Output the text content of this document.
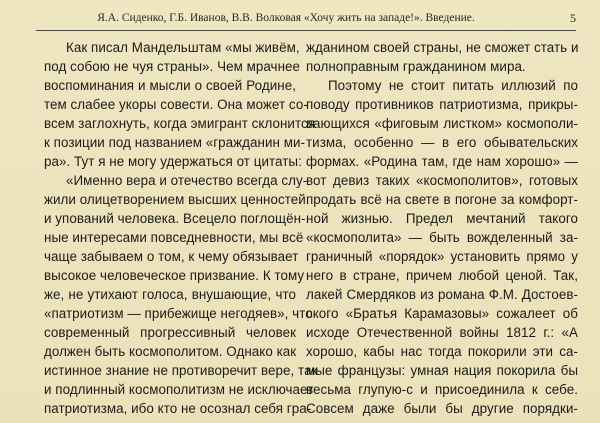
Я.А. Сиденко, Г.Б. Иванов, В.В. Волковая «Хочу жить на западе!». Введение.	5
Как писал Мандельштам «мы живём,
под собою не чуя страны». Чем мрачнее
воспоминания и мысли о своей Родине,
тем слабее укоры совести. Она может со-
всем заглохнуть, когда эмигрант склонится
к позиции под названием «гражданин ми-
ра». Тут я не могу удержаться от цитаты:
«Именно вера и отечество всегда слу-
жили олицетворением высших ценностей
и упований человека. Всецело поглощён-
ные интересами повседневности, мы всё
чаще забываем о том, к чему обязывает
высокое человеческое призвание. К тому
же, не утихают голоса, внушающие, что
«патриотизм — прибежище негодяев», что
современный прогрессивный человек
должен быть космополитом. Однако как
истинное знание не противоречит вере, так
и подлинный космополитизм не исключает
патриотизма, ибо кто не осознал себя гра-
жданином своей страны, не сможет стать и
полноправным гражданином мира.
Поэтому не стоит питать иллюзий по
поводу противников патриотизма, прикры-
вающихся «фиговым листком» космополи-
тизма, особенно — в его обывательских
формах. «Родина там, где нам хорошо» —
вот девиз таких «космополитов», готовых
продать всё на свете в погоне за комфорт-
ной жизнью. Предел мечтаний такого
«космополита» — быть вожделенный за-
граничный «порядок» установить прямо у
него в стране, причем любой ценой. Так,
лакей Смердяков из романа Ф.М. Достоев-
ского «Братья Карамазовы» сожалеет об
исходе Отечественной войны 1812 г.: «А
хорошо, кабы нас тогда покорили эти са-
мые французы: умная нация покорила бы
весьма глупую-с и присоединила к себе.
Совсем даже были бы другие порядки-
